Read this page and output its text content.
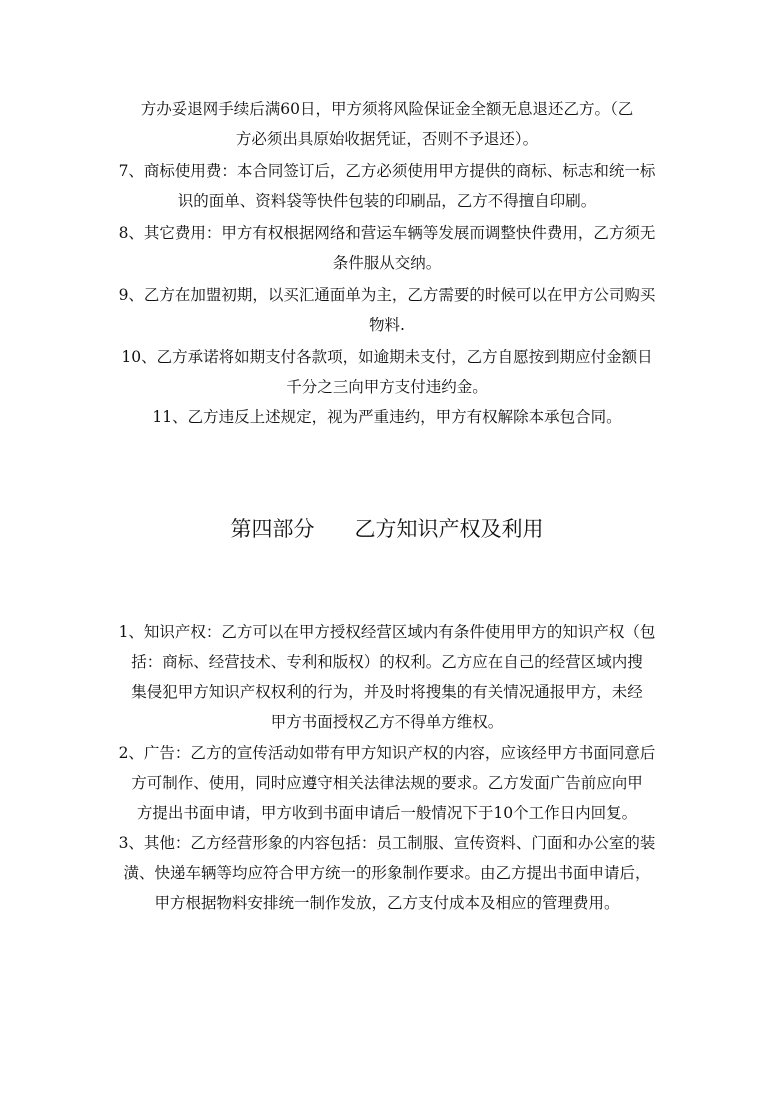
方办妥退网手续后满60日，甲方须将风险保证金全额无息退还乙方。（乙
方必须出具原始收据凭证，否则不予退还）。
7、商标使用费：本合同签订后，乙方必须使用甲方提供的商标、标志和统一标
识的面单、资料袋等快件包装的印刷品，乙方不得擅自印刷。
8、其它费用：甲方有权根据网络和营运车辆等发展而调整快件费用，乙方须无
条件服从交纳。
9、乙方在加盟初期，以买汇通面单为主，乙方需要的时候可以在甲方公司购买
物料.
10、乙方承诺将如期支付各款项，如逾期未支付，乙方自愿按到期应付金额日
千分之三向甲方支付违约金。
11、乙方违反上述规定，视为严重违约，甲方有权解除本承包合同。
第四部分 乙方知识产权及利用
1、知识产权：乙方可以在甲方授权经营区域内有条件使用甲方的知识产权（包
括：商标、经营技术、专利和版权）的权利。乙方应在自己的经营区域内搜
集侵犯甲方知识产权权利的行为，并及时将搜集的有关情况通报甲方，未经
甲方书面授权乙方不得单方维权。
2、广告：乙方的宣传活动如带有甲方知识产权的内容，应该经甲方书面同意后
方可制作、使用，同时应遵守相关法律法规的要求。乙方发面广告前应向甲
方提出书面申请，甲方收到书面申请后一般情况下于10个工作日内回复。
3、其他：乙方经营形象的内容包括：员工制服、宣传资料、门面和办公室的装
潢、快递车辆等均应符合甲方统一的形象制作要求。由乙方提出书面申请后，
甲方根据物料安排统一制作发放，乙方支付成本及相应的管理费用。
